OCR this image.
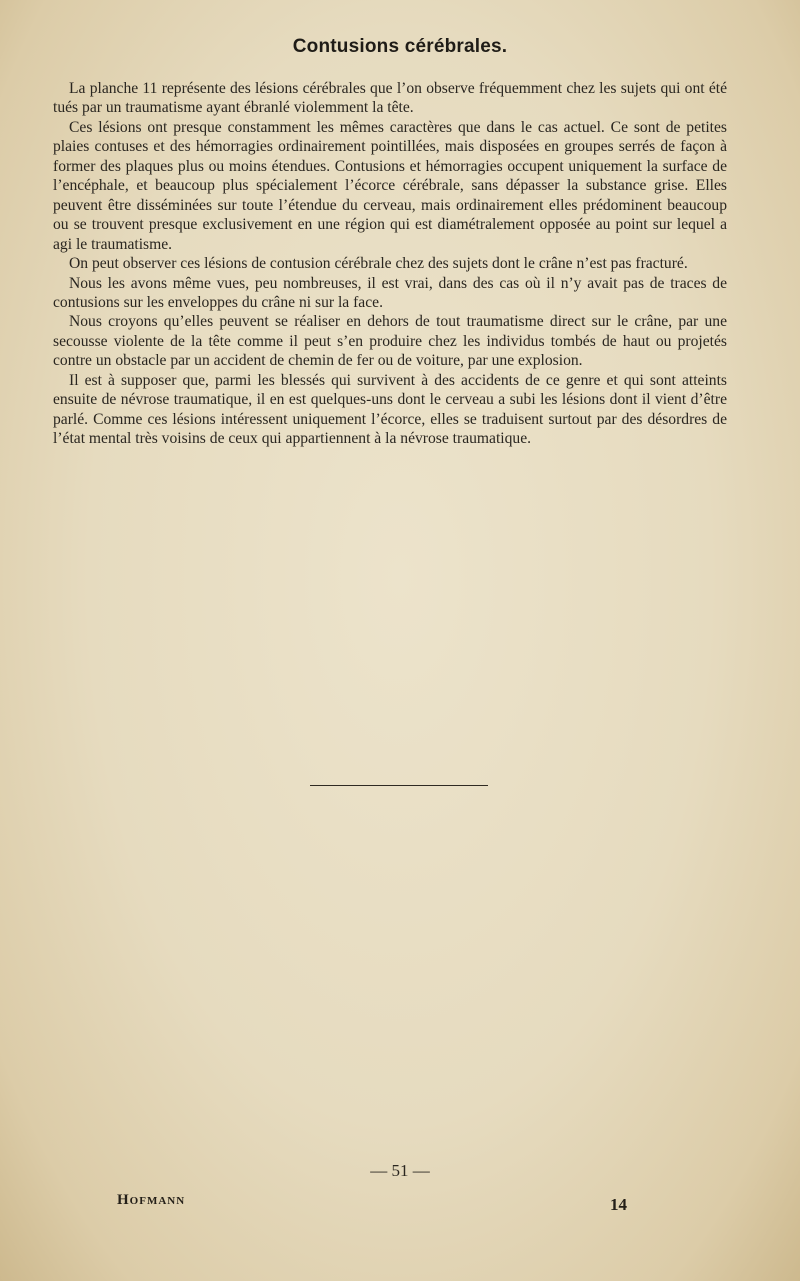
Contusions cérébrales.

La planche 11 représente des lésions cérébrales que l’on observe fréquemment chez les sujets qui ont été tués par un traumatisme ayant ébranlé violemment la tête.

Ces lésions ont presque constamment les mêmes caractères que dans le cas actuel. Ce sont de petites plaies contuses et des hémorragies ordinairement pointillées, mais disposées en groupes serrés de façon à former des plaques plus ou moins étendues. Contusions et hémorragies occupent uniquement la surface de l’encéphale, et beaucoup plus spécialement l’écorce cérébrale, sans dépasser la substance grise. Elles peuvent être disséminées sur toute l’étendue du cerveau, mais ordinairement elles prédominent beaucoup ou se trouvent presque exclusivement en une région qui est diamétralement opposée au point sur lequel a agi le traumatisme.

On peut observer ces lésions de contusion cérébrale chez des sujets dont le crâne n’est pas fracturé.

Nous les avons même vues, peu nombreuses, il est vrai, dans des cas où il n’y avait pas de traces de contusions sur les enveloppes du crâne ni sur la face.

Nous croyons qu’elles peuvent se réaliser en dehors de tout traumatisme direct sur le crâne, par une secousse violente de la tête comme il peut s’en produire chez les individus tombés de haut ou projetés contre un obstacle par un accident de chemin de fer ou de voiture, par une explosion.

Il est à supposer que, parmi les blessés qui survivent à des accidents de ce genre et qui sont atteints ensuite de névrose traumatique, il en est quelques-uns dont le cerveau a subi les lésions dont il vient d’être parlé. Comme ces lésions intéressent uniquement l’écorce, elles se traduisent surtout par des désordres de l’état mental très voisins de ceux qui appartiennent à la névrose traumatique.

— 51 —
Hofmann	14
